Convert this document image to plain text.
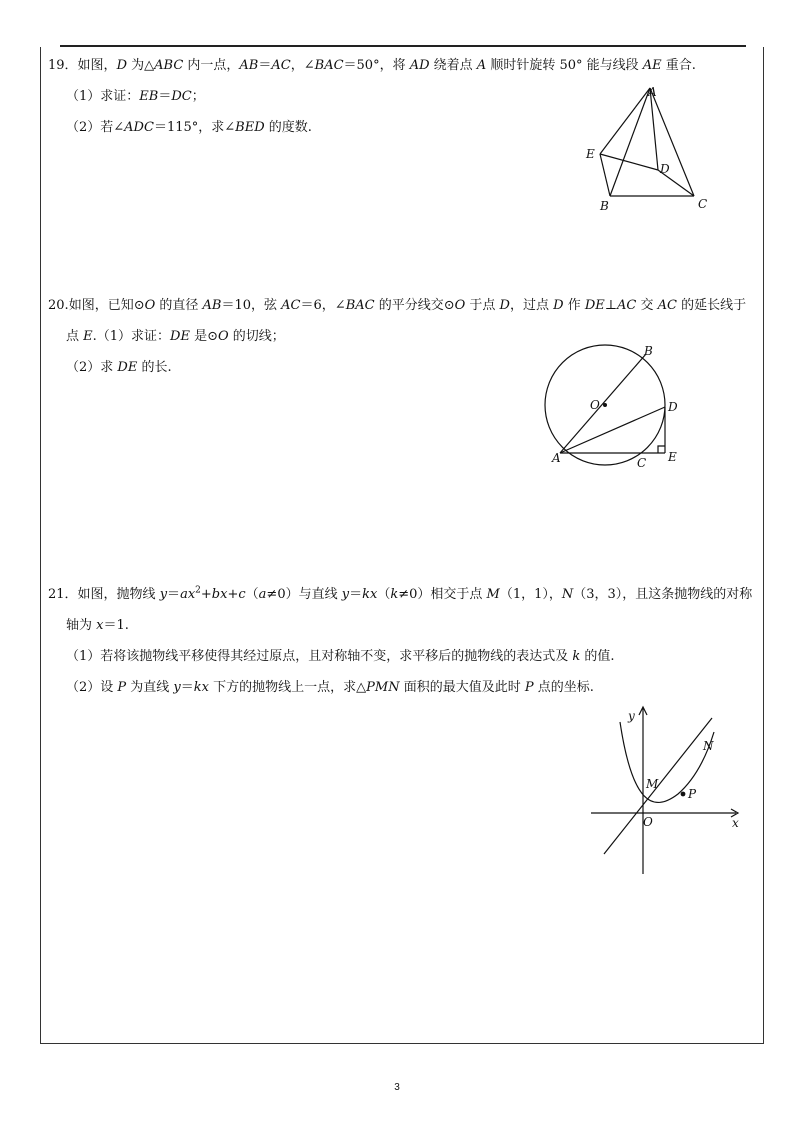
19．如图，D 为△ABC 内一点，AB＝AC，∠BAC＝50°，将 AD 绕着点 A 顺时针旋转 50° 能与线段 AE 重合.
（1）求证：EB＝DC；
（2）若∠ADC＝115°，求∠BED 的度数.
A
E
D
B	C
20.如图，已知⊙O 的直径 AB＝10，弦 AC＝6，∠BAC 的平分线交⊙O 于点 D，过点 D 作 DE⊥AC 交 AC 的延长线于
点 E.（1）求证：DE 是⊙O 的切线；
（2）求 DE 的长.
B
O	D
A	C E
21．如图，抛物线 $y=ax^2+bx+c(a\ne 0)$与直线 y＝kx（k≠0）相交于点 M（1，1），N（3，3），且这条抛物线的对称
轴为 x＝1.
（1）若将该抛物线平移使得其经过原点，且对称轴不变，求平移后的抛物线的表达式及 k 的值.
（2）设 P 为直线 y＝kx 下方的抛物线上一点，求△PMN 面积的最大值及此时 P 点的坐标.
y
N
M
P
O	x
3
